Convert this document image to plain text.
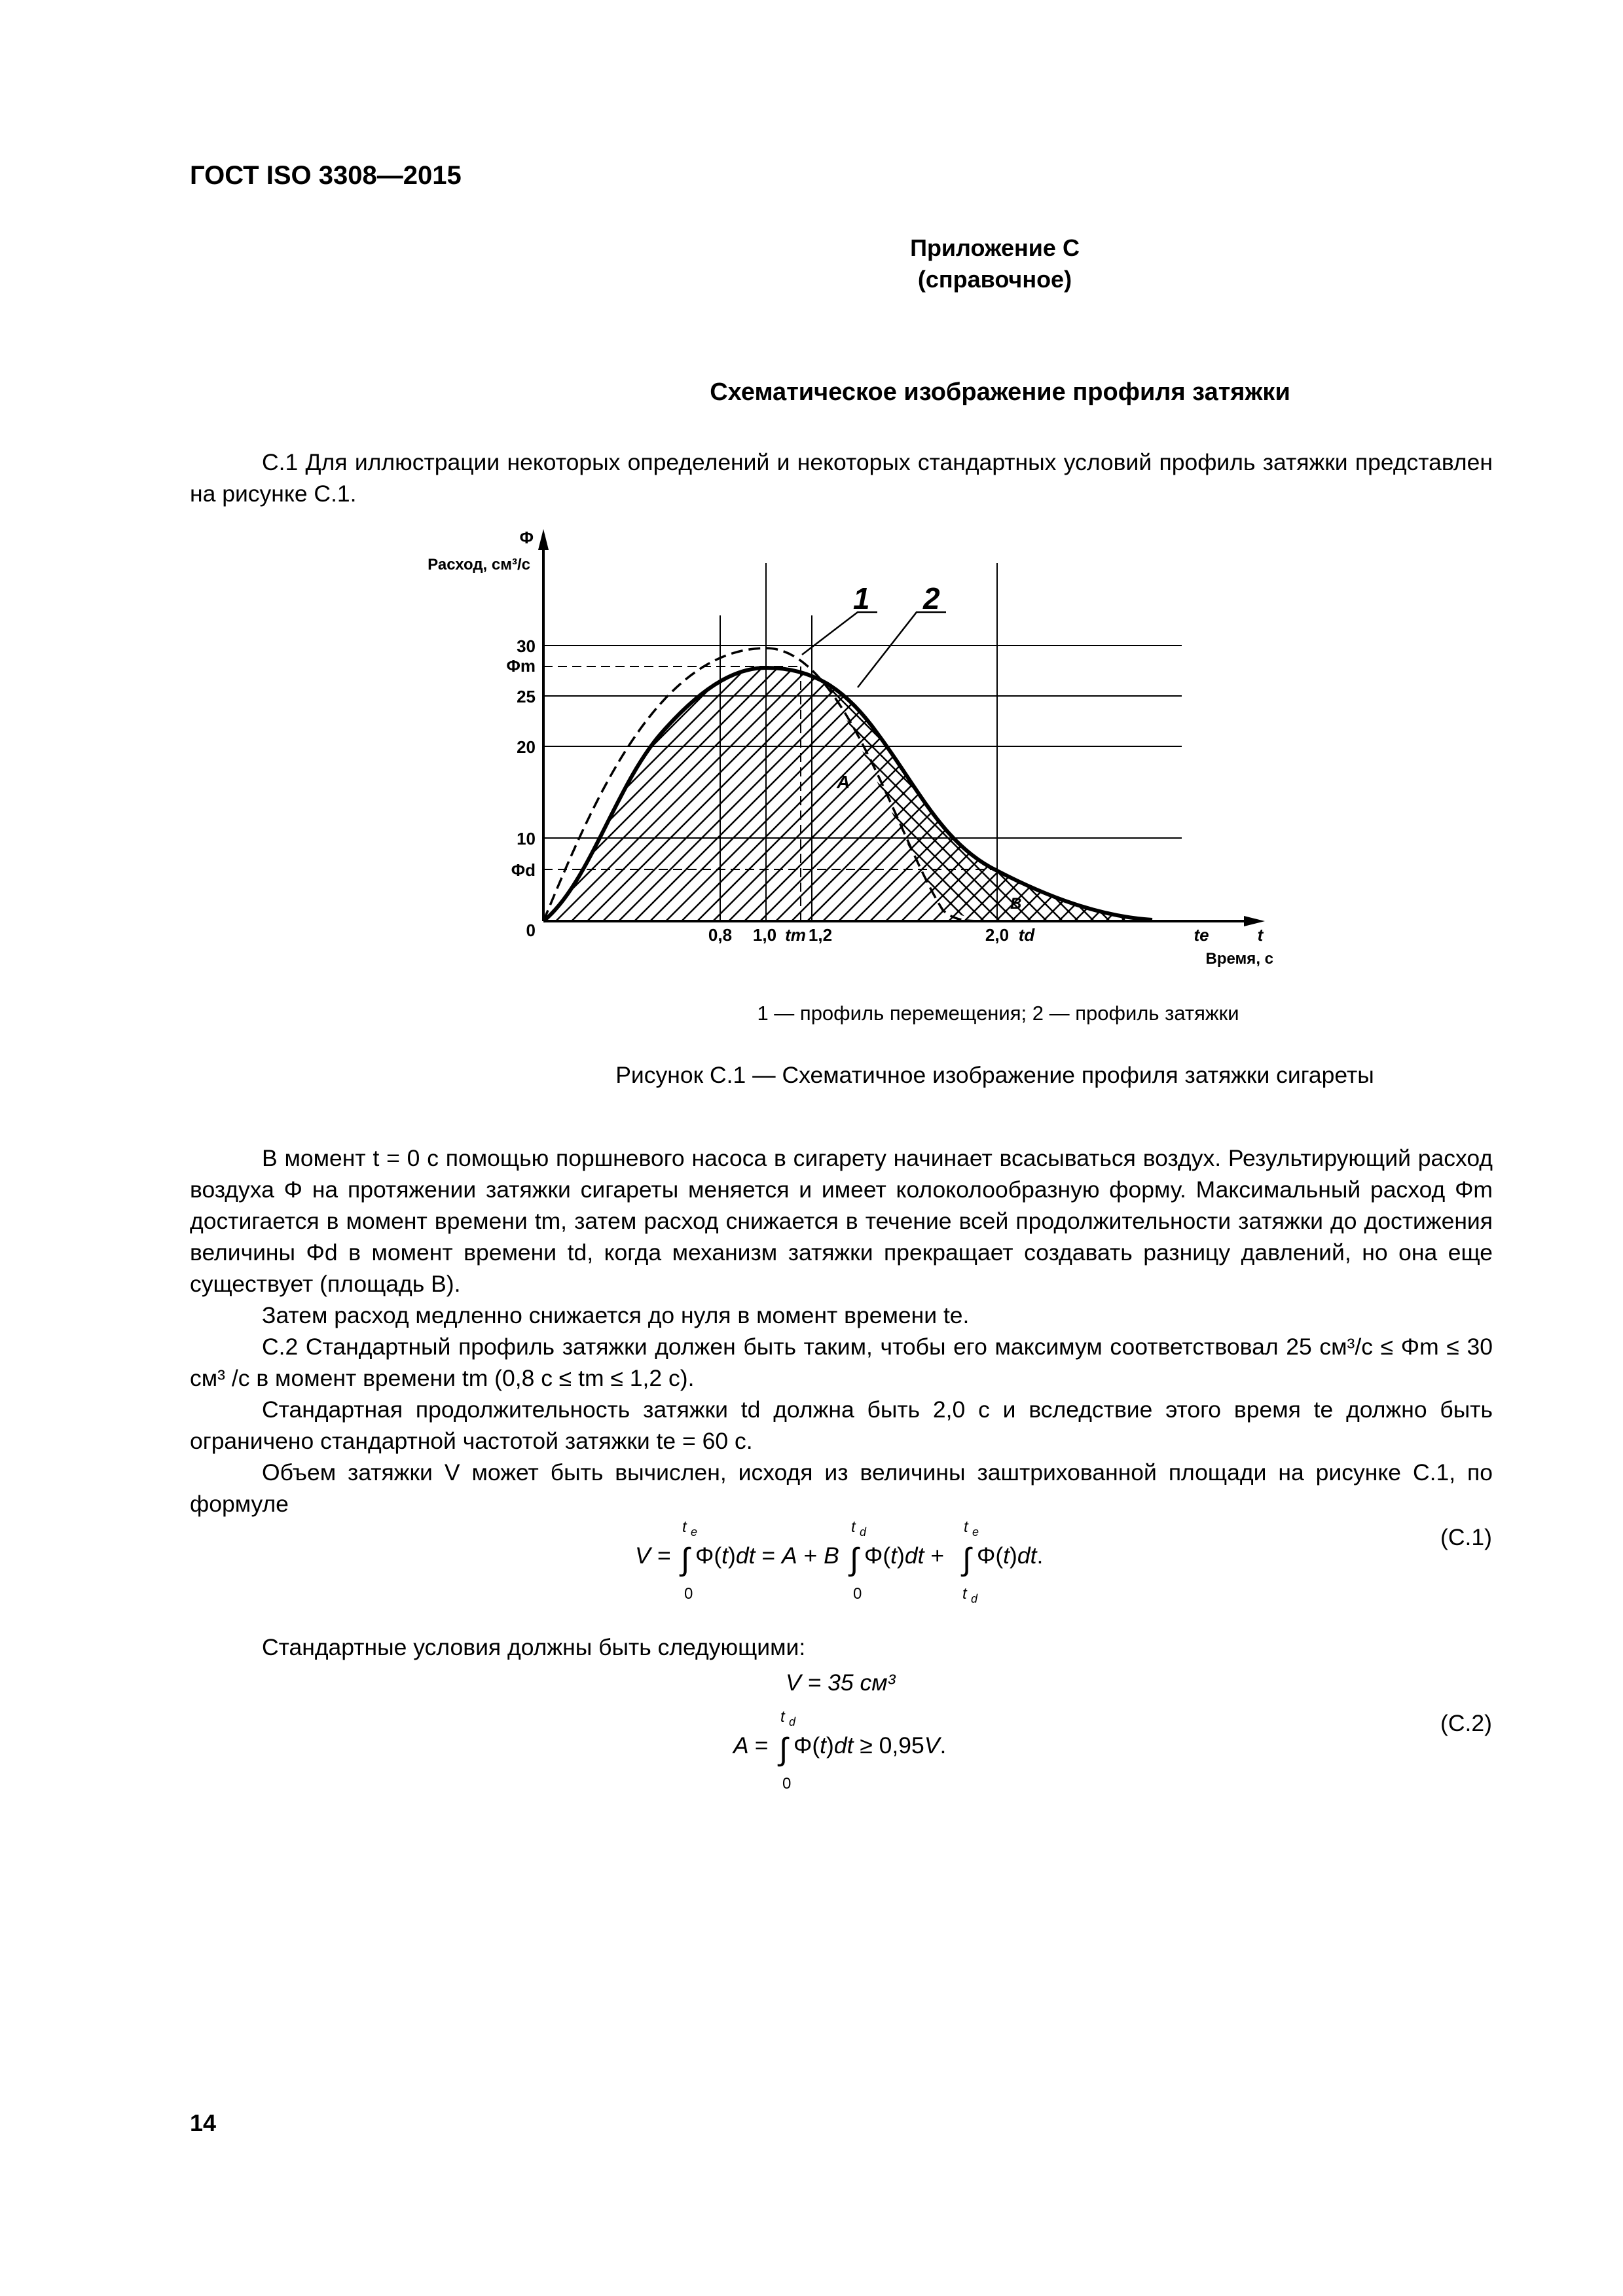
ГОСТ ISO 3308—2015
Приложение С
(справочное)
Схематическое изображение профиля затяжки
С.1 Для иллюстрации некоторых определений и некоторых стандартных условий профиль затяжки представлен на рисунке С.1.
1 2
A
B
Φ
Расход, см³/с
30
Φm
25
20
10
Φd
0	0,8 1,0 tm 1,2	2,0 td	te	t
Время, с
1 — профиль перемещения; 2 — профиль затяжки
Рисунок С.1 — Схематичное изображение профиля затяжки сигареты
В момент t = 0 с помощью поршневого насоса в сигарету начинает всасываться воздух. Результирующий расход воздуха Φ на протяжении затяжки сигареты меняется и имеет колоколообразную форму. Максимальный расход Φm достигается в момент времени tm, затем расход снижается в течение всей продолжительности затяжки до достижения величины Φd в момент времени td, когда механизм затяжки прекращает создавать разницу давлений, но она еще существует (площадь В).
Затем расход медленно снижается до нуля в момент времени te.
С.2 Стандартный профиль затяжки должен быть таким, чтобы его максимум соответствовал 25 см³/с ≤ Φm ≤ 30 см³ /с в момент времени tm (0,8 с ≤ tm ≤ 1,2 с).
Стандартная продолжительность затяжки td должна быть 2,0 с и вследствие этого время te должно быть ограничено стандартной частотой затяжки te = 60 с.
Объем затяжки V может быть вычислен, исходя из величины заштрихованной площади на рисунке С.1, по формуле
V =
t e
∫
0
Φ(t)dt = A + B
t d
∫
0
Φ(t)dt +
t e
∫
t d
Φ(t)dt.
(С.1)
Стандартные условия должны быть следующими:
V = 35 см³
A =
t d
∫
0
Φ(t)dt ≥ 0,95V.
(С.2)
14
